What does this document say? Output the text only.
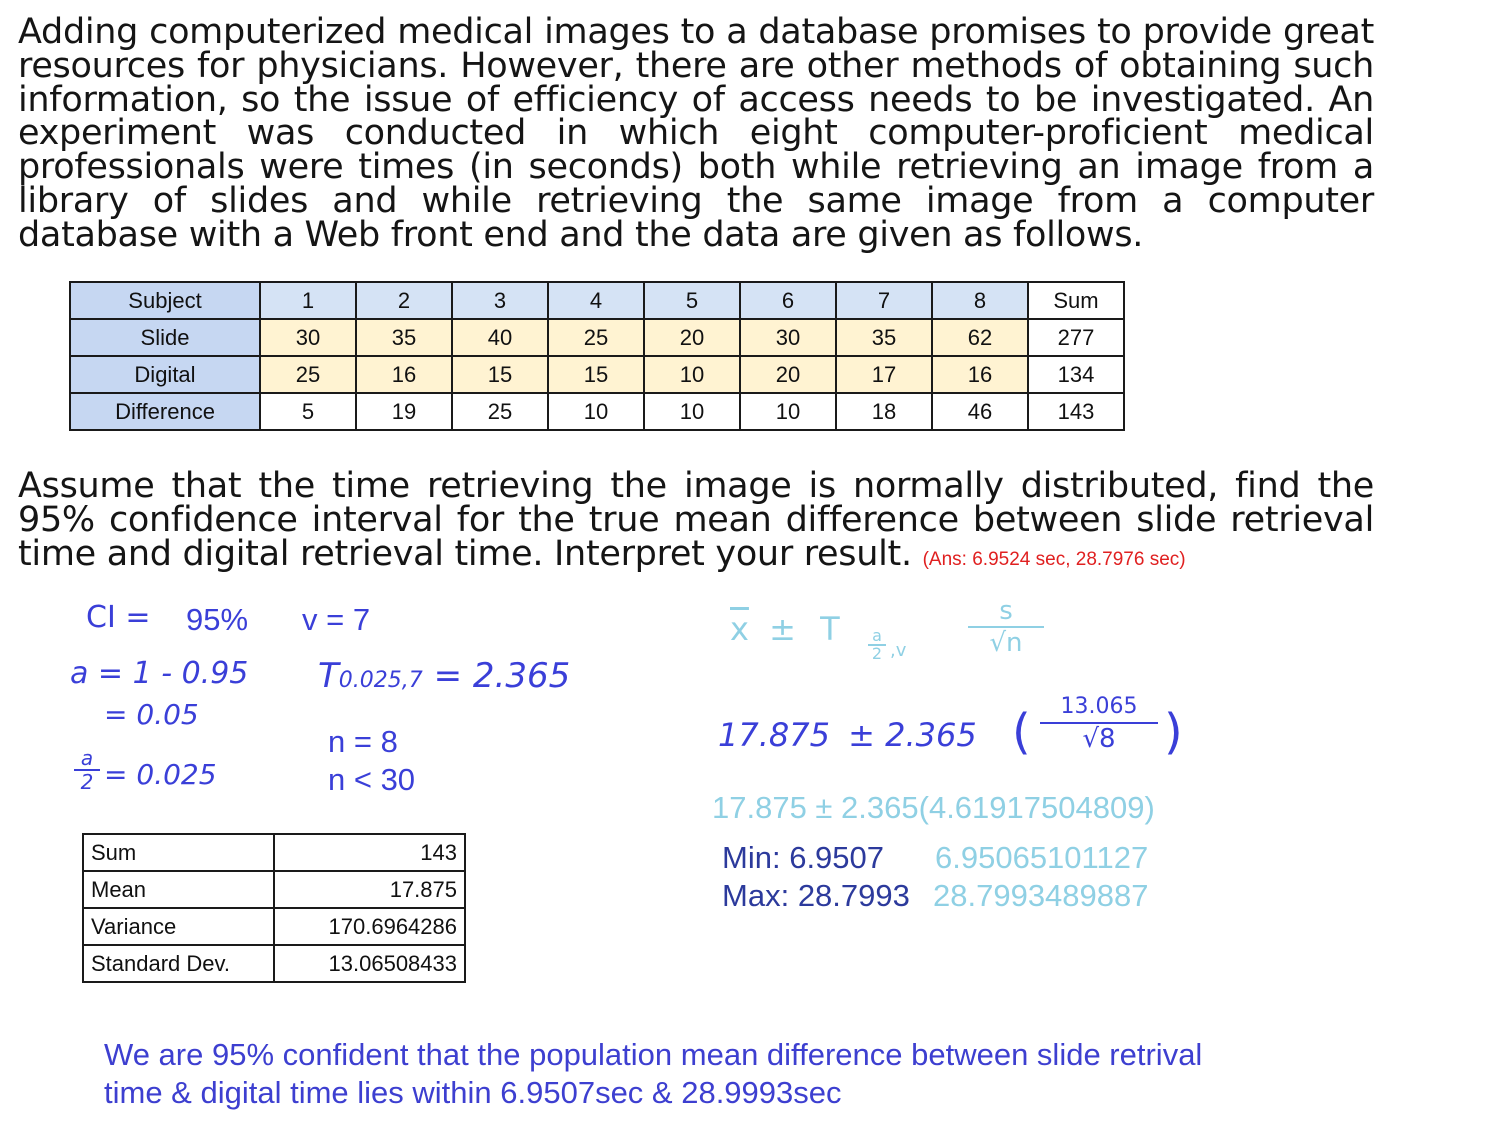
Adding computerized medical images to a database promises to provide great resources for physicians. However, there are other methods of obtaining such information, so the issue of efficiency of access needs to be investigated. An experiment was conducted in which eight computer-proficient medical professionals were times (in seconds) both while retrieving an image from a library of slides and while retrieving the same image from a computer database with a Web front end and the data are given as follows.

Assume that the time retrieving the image is normally distributed, find the 95% confidence interval for the true mean difference between slide retrieval time and digital retrieval time. Interpret your result. (Ans: 6.9524 sec, 28.7976 sec)

Subject	1	2	3	4	5	6	7	8	Sum
Slide	30	35	40	25	20	30	35	62	277
Digital	25	16	15	15	10	20	17	16	134
Difference	5	19	25	10	10	10	18	46	143
CI = 95% v = 7
a = 1 - 0.95
= 0.05
a
2 = 0.025
T0.025,7 = 2.365
n = 8
n < 30
Sum	143
Mean	17.875
Variance	170.6964286
Standard Dev.	13.06508433
$\overline{x} \pm T$ a
2 ,v
s
√n
17.875 ± 2.365 (	13.065
√8	)
17.875 ± 2.365(4.61917504809)
Min: 6.9507 6.95065101127
Max: 28.7993 28.7993489887
We are 95% confident that the population mean difference between slide retrival
time & digital time lies within 6.9507sec & 28.9993sec
